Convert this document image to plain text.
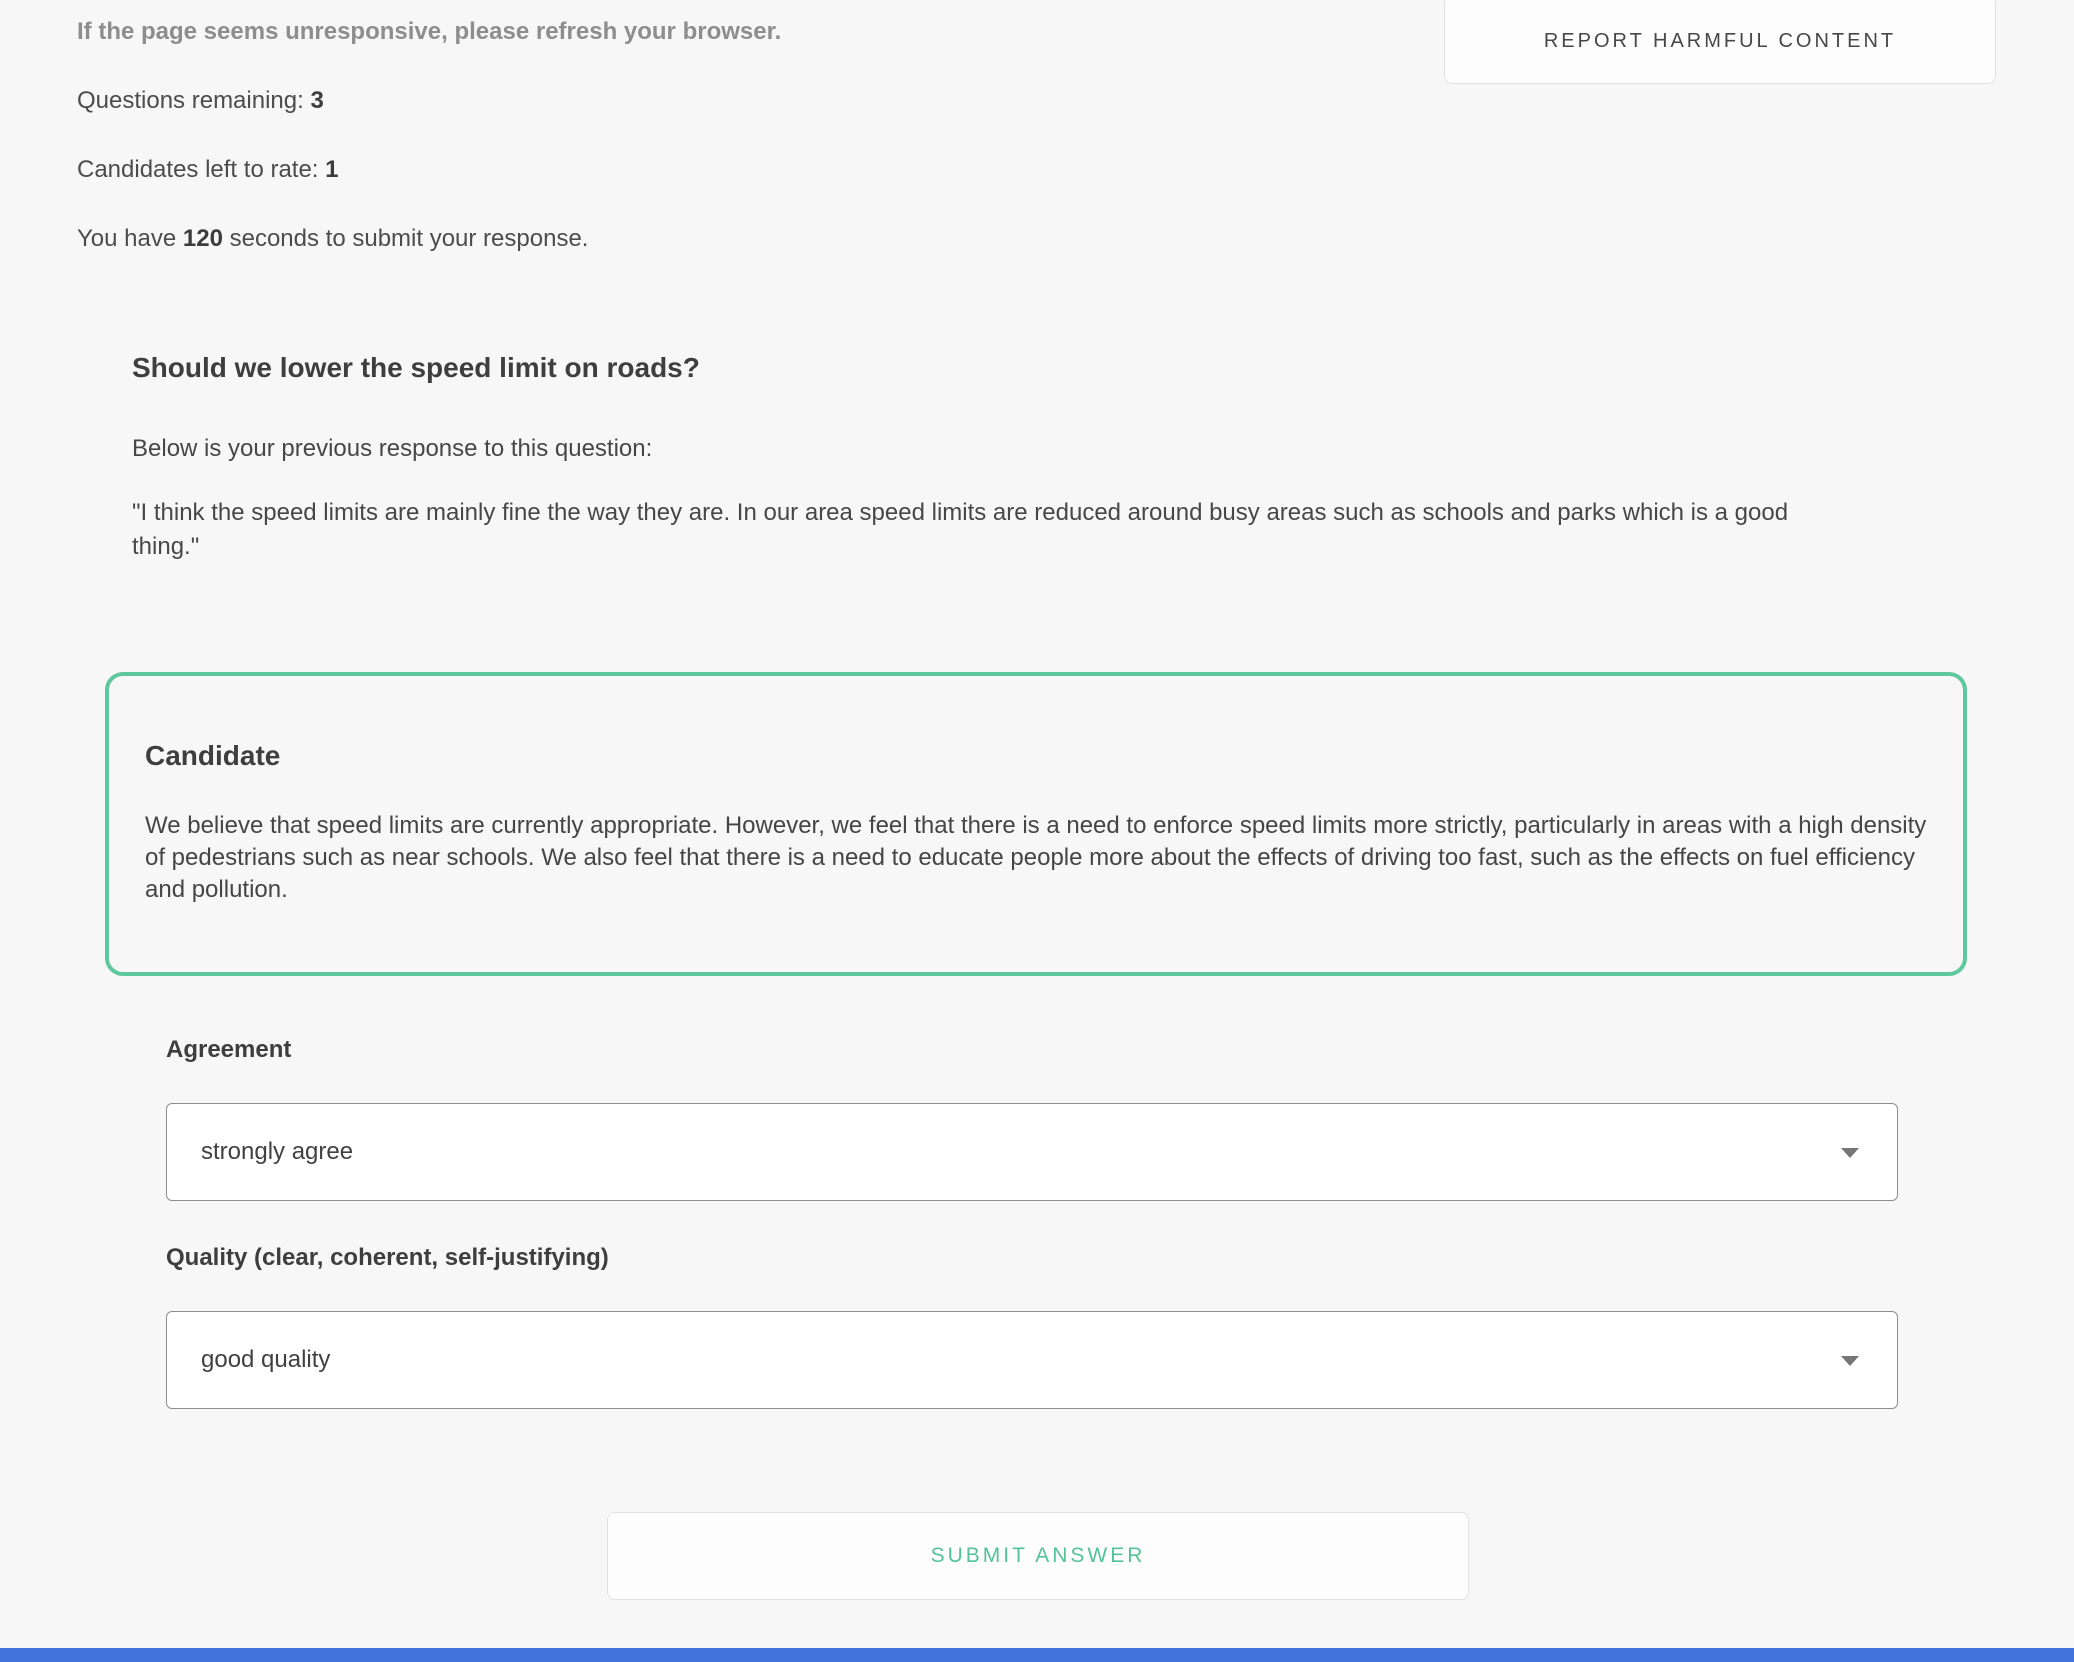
If the page seems unresponsive, please refresh your browser.

Questions remaining: 3

Candidates left to rate: 1

You have 120 seconds to submit your response.

REPORT HARMFUL CONTENT
Should we lower the speed limit on roads?

Below is your previous response to this question:

"I think the speed limits are mainly fine the way they are. In our area speed limits are reduced around busy areas such as schools and parks which is a good thing."

Candidate

We believe that speed limits are currently appropriate. However, we feel that there is a need to enforce speed limits more strictly, particularly in areas with a high density of pedestrians such as near schools. We also feel that there is a need to educate people more about the effects of driving too fast, such as the effects on fuel efficiency and pollution.

Agreement

strongly agree

Quality (clear, coherent, self-justifying)

good quality
SUBMIT ANSWER
